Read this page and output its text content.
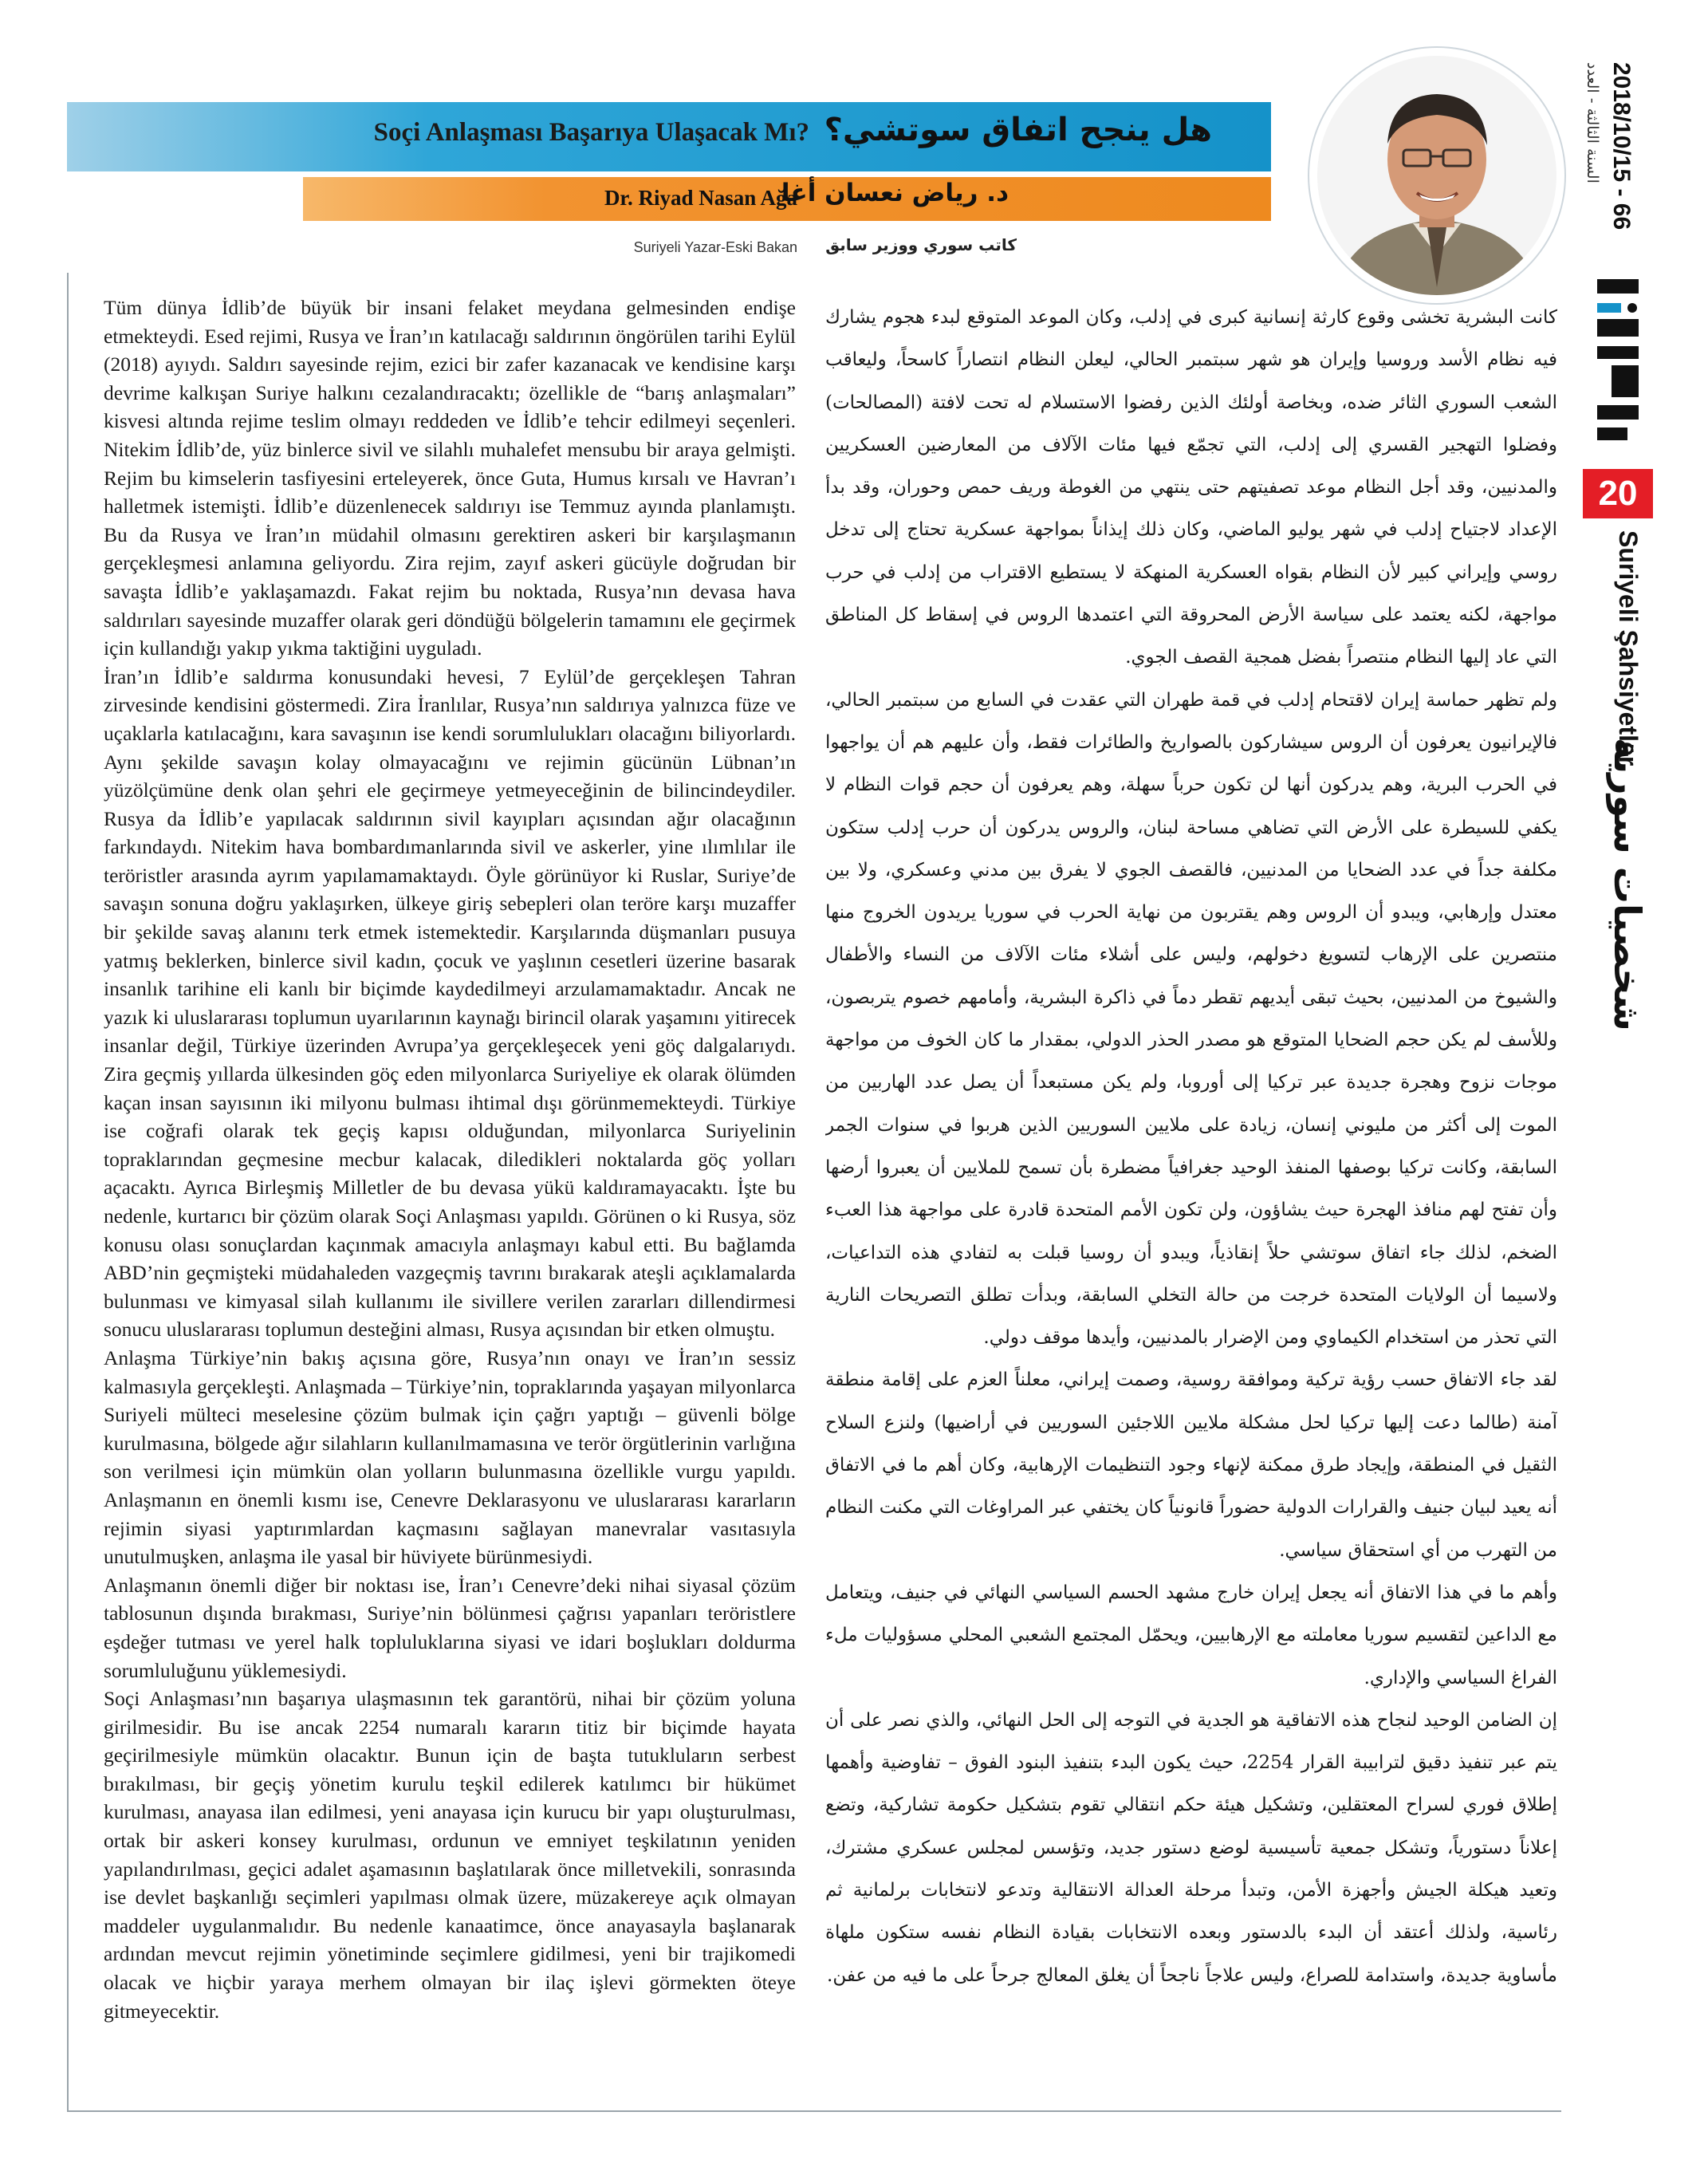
Soçi Anlaşması Başarıya Ulaşacak Mı? هل ينجح اتفاق سوتشي؟
Dr. Riyad Nasan Ağa
د. رياض نعسان أغا
Suriyeli Yazar-Eski Bakan	كاتب سوري ووزير سابق
2018/10/15 - 66
السنة الثالثة - العدد
20
Suriyeli Şahsiyetler
شخصيات سورية

Tüm dünya İdlib’de büyük bir insani felaket meydana gelmesinden endişe etmekteydi. Esed rejimi, Rusya ve İran’ın katılacağı saldırının öngörülen tarihi Eylül (2018) ayıydı. Saldırı sayesinde rejim, ezici bir zafer kazanacak ve kendisine karşı devrime kalkışan Suriye halkını cezalandıracaktı; özellikle de “barış anlaşmaları” kisvesi altında rejime teslim olmayı reddeden ve İdlib’e tehcir edilmeyi seçenleri. Nitekim İdlib’de, yüz binlerce sivil ve silahlı muhalefet mensubu bir araya gelmişti. Rejim bu kimselerin tasfiyesini erteleyerek, önce Guta, Humus kırsalı ve Havran’ı halletmek istemişti. İdlib’e düzenlenecek saldırıyı ise Temmuz ayında planlamıştı. Bu da Rusya ve İran’ın müdahil olmasını gerektiren askeri bir karşılaşmanın gerçekleşmesi anlamına geliyordu. Zira rejim, zayıf askeri gücüyle doğrudan bir savaşta İdlib’e yaklaşamazdı. Fakat rejim bu noktada, Rusya’nın devasa hava saldırıları sayesinde muzaffer olarak geri döndüğü bölgelerin tamamını ele geçirmek için kullandığı yakıp yıkma taktiğini uyguladı.

İran’ın İdlib’e saldırma konusundaki hevesi, 7 Eylül’de gerçekleşen Tahran zirvesinde kendisini göstermedi. Zira İranlılar, Rusya’nın saldırıya yalnızca füze ve uçaklarla katılacağını, kara savaşının ise kendi sorumlulukları olacağını biliyorlardı. Aynı şekilde savaşın kolay olmayacağını ve rejimin gücünün Lübnan’ın yüzölçümüne denk olan şehri ele geçirmeye yetmeyeceğinin de bilincindeydiler. Rusya da İdlib’e yapılacak saldırının sivil kayıpları açısından ağır olacağının farkındaydı. Nitekim hava bombardımanlarında sivil ve askerler, yine ılımlılar ile teröristler arasında ayrım yapılamamaktaydı. Öyle görünüyor ki Ruslar, Suriye’de savaşın sonuna doğru yaklaşırken, ülkeye giriş sebepleri olan teröre karşı muzaffer bir şekilde savaş alanını terk etmek istemektedir. Karşılarında düşmanları pusuya yatmış beklerken, binlerce sivil kadın, çocuk ve yaşlının cesetleri üzerine basarak insanlık tarihine eli kanlı bir biçimde kaydedilmeyi arzulamamaktadır. Ancak ne yazık ki uluslararası toplumun uyarılarının kaynağı birincil olarak yaşamını yitirecek insanlar değil, Türkiye üzerinden Avrupa’ya gerçekleşecek yeni göç dalgalarıydı. Zira geçmiş yıllarda ülkesinden göç eden milyonlarca Suriyeliye ek olarak ölümden kaçan insan sayısının iki milyonu bulması ihtimal dışı görünmemekteydi. Türkiye ise coğrafi olarak tek geçiş kapısı olduğundan, milyonlarca Suriyelinin topraklarından geçmesine mecbur kalacak, diledikleri noktalarda göç yolları açacaktı. Ayrıca Birleşmiş Milletler de bu devasa yükü kaldıramayacaktı. İşte bu nedenle, kurtarıcı bir çözüm olarak Soçi Anlaşması yapıldı. Görünen o ki Rusya, söz konusu olası sonuçlardan kaçınmak amacıyla anlaşmayı kabul etti. Bu bağlamda ABD’nin geçmişteki müdahaleden vazgeçmiş tavrını bırakarak ateşli açıklamalarda bulunması ve kimyasal silah kullanımı ile sivillere verilen zararları dillendirmesi sonucu uluslararası toplumun desteğini alması, Rusya açısından bir etken olmuştu.

Anlaşma Türkiye’nin bakış açısına göre, Rusya’nın onayı ve İran’ın sessiz kalmasıyla gerçekleşti. Anlaşmada – Türkiye’nin, topraklarında yaşayan milyonlarca Suriyeli mülteci meselesine çözüm bulmak için çağrı yaptığı – güvenli bölge kurulmasına, bölgede ağır silahların kullanılmamasına ve terör örgütlerinin varlığına son verilmesi için mümkün olan yolların bulunmasına özellikle vurgu yapıldı. Anlaşmanın en önemli kısmı ise, Cenevre Deklarasyonu ve uluslararası kararların rejimin siyasi yaptırımlardan kaçmasını sağlayan manevralar vasıtasıyla unutulmuşken, anlaşma ile yasal bir hüviyete bürünmesiydi.

Anlaşmanın önemli diğer bir noktası ise, İran’ı Cenevre’deki nihai siyasal çözüm tablosunun dışında bırakması, Suriye’nin bölünmesi çağrısı yapanları teröristlere eşdeğer tutması ve yerel halk topluluklarına siyasi ve idari boşlukları doldurma sorumluluğunu yüklemesiydi.

Soçi Anlaşması’nın başarıya ulaşmasının tek garantörü, nihai bir çözüm yoluna girilmesidir. Bu ise ancak 2254 numaralı kararın titiz bir biçimde hayata geçirilmesiyle mümkün olacaktır. Bunun için de başta tutukluların serbest bırakılması, bir geçiş yönetim kurulu teşkil edilerek katılımcı bir hükümet kurulması, anayasa ilan edilmesi, yeni anayasa için kurucu bir yapı oluşturulması, ortak bir askeri konsey kurulması, ordunun ve emniyet teşkilatının yeniden yapılandırılması, geçici adalet aşamasının başlatılarak önce milletvekili, sonrasında ise devlet başkanlığı seçimleri yapılması olmak üzere, müzakereye açık olmayan maddeler uygulanmalıdır. Bu nedenle kanaatimce, önce anayasayla başlanarak ardından mevcut rejimin yönetiminde seçimlere gidilmesi, yeni bir trajikomedi olacak ve hiçbir yaraya merhem olmayan bir ilaç işlevi görmekten öteye gitmeyecektir.

كانت البشرية تخشى وقوع كارثة إنسانية كبرى في إدلب، وكان الموعد المتوقع لبدء هجوم يشارك فيه نظام الأسد وروسيا وإيران هو شهر سبتمبر الحالي، ليعلن النظام انتصاراً كاسحاً، وليعاقب الشعب السوري الثائر ضده، وبخاصة أولئك الذين رفضوا الاستسلام له تحت لافتة (المصالحات) وفضلوا التهجير القسري إلى إدلب، التي تجمّع فيها مئات الآلاف من المعارضين العسكريين والمدنيين، وقد أجل النظام موعد تصفيتهم حتى ينتهي من الغوطة وريف حمص وحوران، وقد بدأ الإعداد لاجتياح إدلب في شهر يوليو الماضي، وكان ذلك إيذاناً بمواجهة عسكرية تحتاج إلى تدخل روسي وإيراني كبير لأن النظام بقواه العسكرية المنهكة لا يستطيع الاقتراب من إدلب في حرب مواجهة، لكنه يعتمد على سياسة الأرض المحروقة التي اعتمدها الروس في إسقاط كل المناطق التي عاد إليها النظام منتصراً بفضل همجية القصف الجوي.

ولم تظهر حماسة إيران لاقتحام إدلب في قمة طهران التي عقدت في السابع من سبتمبر الحالي، فالإيرانيون يعرفون أن الروس سيشاركون بالصواريخ والطائرات فقط، وأن عليهم هم أن يواجهوا في الحرب البرية، وهم يدركون أنها لن تكون حرباً سهلة، وهم يعرفون أن حجم قوات النظام لا يكفي للسيطرة على الأرض التي تضاهي مساحة لبنان، والروس يدركون أن حرب إدلب ستكون مكلفة جداً في عدد الضحايا من المدنيين، فالقصف الجوي لا يفرق بين مدني وعسكري، ولا بين معتدل وإرهابي، ويبدو أن الروس وهم يقتربون من نهاية الحرب في سوريا يريدون الخروج منها منتصرين على الإرهاب لتسويغ دخولهم، وليس على أشلاء مئات الآلاف من النساء والأطفال والشيوخ من المدنيين، بحيث تبقى أيديهم تقطر دماً في ذاكرة البشرية، وأمامهم خصوم يتربصون، وللأسف لم يكن حجم الضحايا المتوقع هو مصدر الحذر الدولي، بمقدار ما كان الخوف من مواجهة موجات نزوح وهجرة جديدة عبر تركيا إلى أوروبا، ولم يكن مستبعداً أن يصل عدد الهاربين من الموت إلى أكثر من مليوني إنسان، زيادة على ملايين السوريين الذين هربوا في سنوات الجمر السابقة، وكانت تركيا بوصفها المنفذ الوحيد جغرافياً مضطرة بأن تسمح للملايين أن يعبروا أرضها وأن تفتح لهم منافذ الهجرة حيث يشاؤون، ولن تكون الأمم المتحدة قادرة على مواجهة هذا العبء الضخم، لذلك جاء اتفاق سوتشي حلاً إنقاذياً، ويبدو أن روسيا قبلت به لتفادي هذه التداعيات، ولاسيما أن الولايات المتحدة خرجت من حالة التخلي السابقة، وبدأت تطلق التصريحات النارية التي تحذر من استخدام الكيماوي ومن الإضرار بالمدنيين، وأيدها موقف دولي.

لقد جاء الاتفاق حسب رؤية تركية وموافقة روسية، وصمت إيراني، معلناً العزم على إقامة منطقة آمنة (طالما دعت إليها تركيا لحل مشكلة ملايين اللاجئين السوريين في أراضيها) ولنزع السلاح الثقيل في المنطقة، وإيجاد طرق ممكنة لإنهاء وجود التنظيمات الإرهابية، وكان أهم ما في الاتفاق أنه يعيد لبيان جنيف والقرارات الدولية حضوراً قانونياً كان يختفي عبر المراوغات التي مكنت النظام من التهرب من أي استحقاق سياسي.

وأهم ما في هذا الاتفاق أنه يجعل إيران خارج مشهد الحسم السياسي النهائي في جنيف، ويتعامل مع الداعين لتقسيم سوريا معاملته مع الإرهابيين، ويحمّل المجتمع الشعبي المحلي مسؤوليات ملء الفراغ السياسي والإداري.

إن الضامن الوحيد لنجاح هذه الاتفاقية هو الجدية في التوجه إلى الحل النهائي، والذي نصر على أن يتم عبر تنفيذ دقيق لترابيبة القرار 2254، حيث يكون البدء بتنفيذ البنود الفوق – تفاوضية وأهمها إطلاق فوري لسراح المعتقلين، وتشكيل هيئة حكم انتقالي تقوم بتشكيل حكومة تشاركية، وتضع إعلاناً دستورياً، وتشكل جمعية تأسيسية لوضع دستور جديد، وتؤسس لمجلس عسكري مشترك، وتعيد هيكلة الجيش وأجهزة الأمن، وتبدأ مرحلة العدالة الانتقالية وتدعو لانتخابات برلمانية ثم رئاسية، ولذلك أعتقد أن البدء بالدستور وبعده الانتخابات بقيادة النظام نفسه ستكون ملهاة مأساوية جديدة، واستدامة للصراع، وليس علاجاً ناجحاً أن يغلق المعالج جرحاً على ما فيه من عفن.
